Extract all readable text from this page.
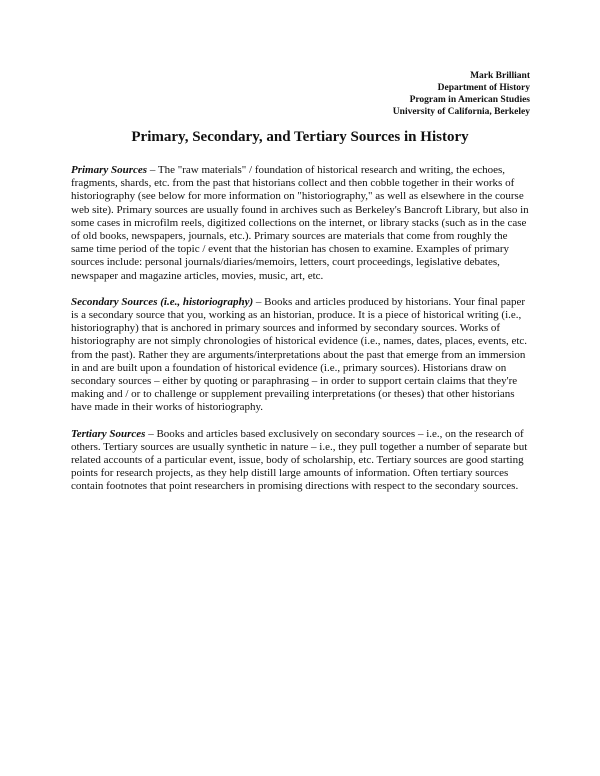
Mark Brilliant
Department of History
Program in American Studies
University of California, Berkeley
Primary, Secondary, and Tertiary Sources in History

Primary Sources – The "raw materials" / foundation of historical research and writing, the echoes, fragments, shards, etc. from the past that historians collect and then cobble together in their works of historiography (see below for more information on "historiography," as well as elsewhere in the course web site). Primary sources are usually found in archives such as Berkeley's Bancroft Library, but also in some cases in microfilm reels, digitized collections on the internet, or library stacks (such as in the case of old books, newspapers, journals, etc.). Primary sources are materials that come from roughly the same time period of the topic / event that the historian has chosen to examine. Examples of primary sources include: personal journals/diaries/memoirs, letters, court proceedings, legislative debates, newspaper and magazine articles, movies, music, art, etc.

Secondary Sources (i.e., historiography) – Books and articles produced by historians. Your final paper is a secondary source that you, working as an historian, produce. It is a piece of historical writing (i.e., historiography) that is anchored in primary sources and informed by secondary sources. Works of historiography are not simply chronologies of historical evidence (i.e., names, dates, places, events, etc. from the past). Rather they are arguments/interpretations about the past that emerge from an immersion in and are built upon a foundation of historical evidence (i.e., primary sources). Historians draw on secondary sources – either by quoting or paraphrasing – in order to support certain claims that they're making and / or to challenge or supplement prevailing interpretations (or theses) that other historians have made in their works of historiography.

Tertiary Sources – Books and articles based exclusively on secondary sources – i.e., on the research of others. Tertiary sources are usually synthetic in nature – i.e., they pull together a number of separate but related accounts of a particular event, issue, body of scholarship, etc. Tertiary sources are good starting points for research projects, as they help distill large amounts of information. Often tertiary sources contain footnotes that point researchers in promising directions with respect to the secondary sources.
